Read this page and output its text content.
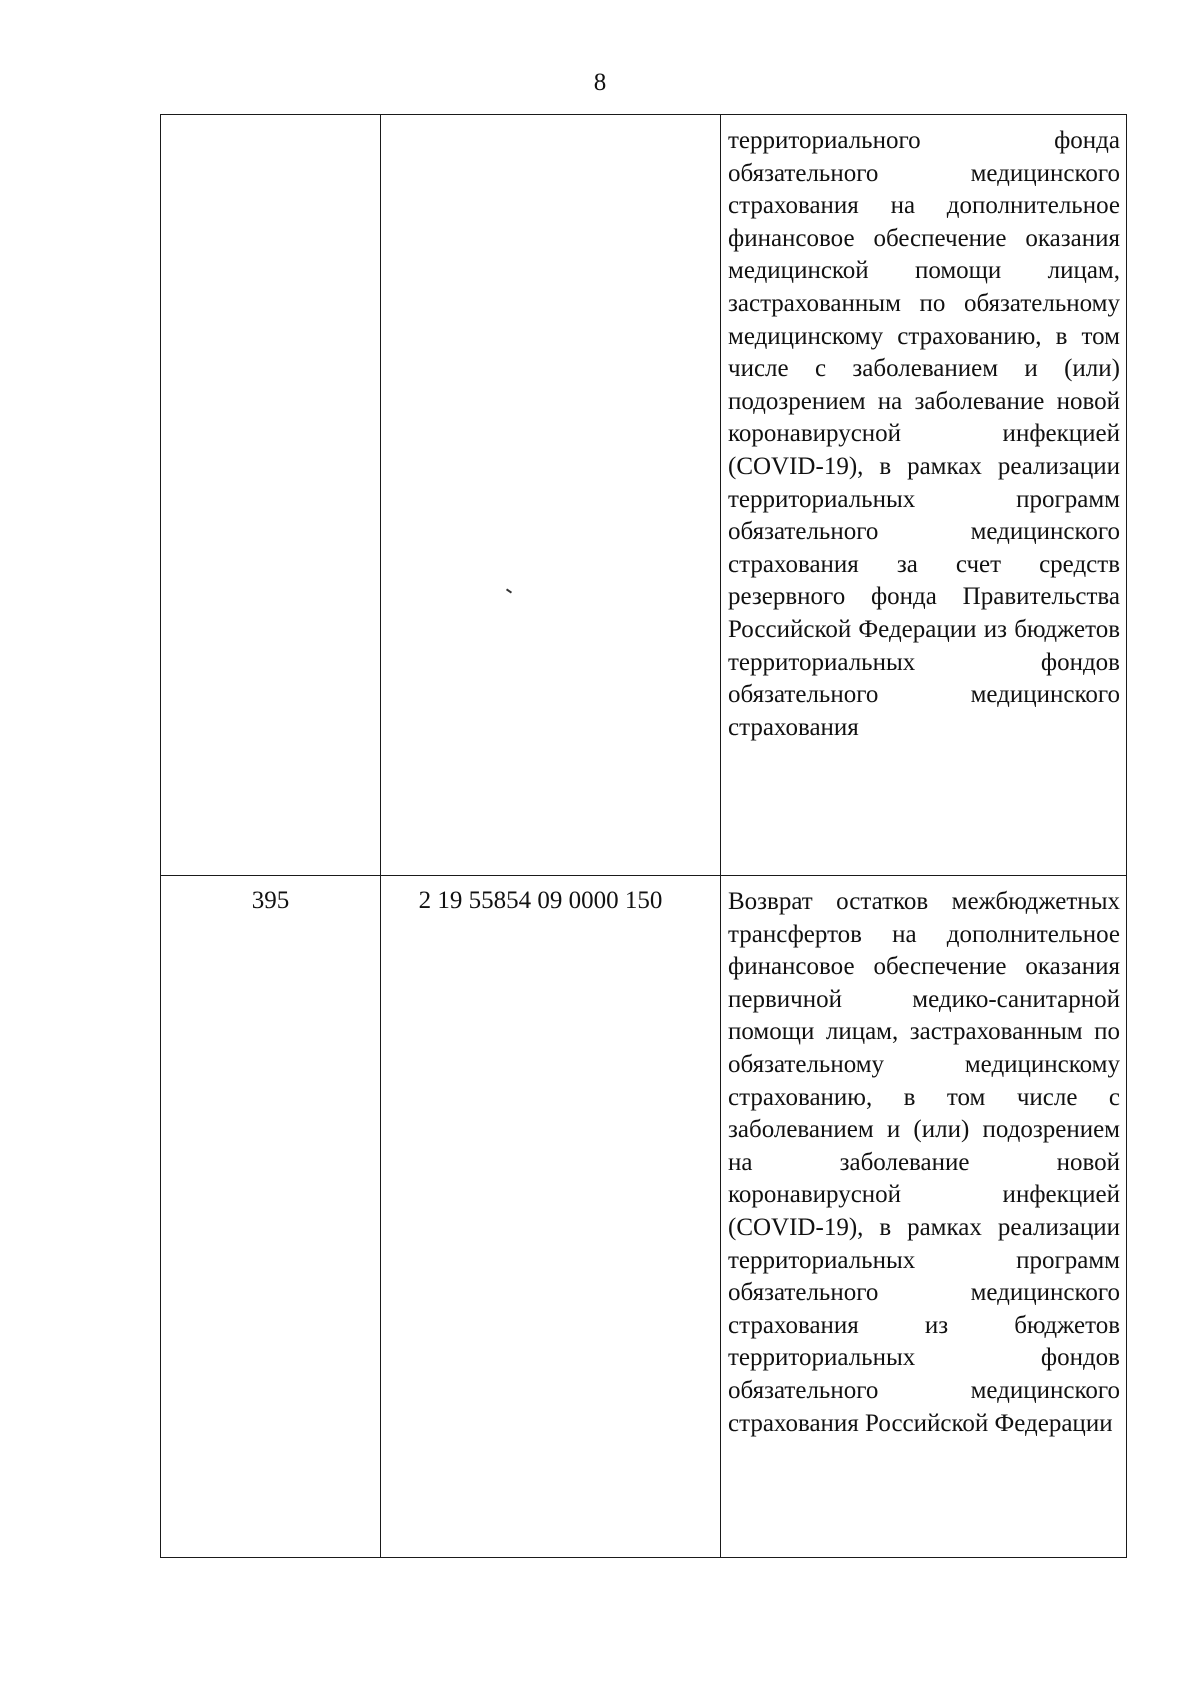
8
		территориального фонда обязательного медицинского страхования на дополнительное финансовое обеспечение оказания медицинской помощи лицам, застрахованным по обязательному медицинскому страхованию, в том числе с заболеванием и (или) подозрением на заболевание новой коронавирусной инфекцией (COVID-19), в рамках реализации территориальных программ обязательного медицинского страхования за счет средств резервного фонда Правительства Российской Федерации из бюджетов территориальных фондов обязательного медицинского страхования
395	2 19 55854 09 0000 150	Возврат остатков межбюджетных трансфертов на дополнительное финансовое обеспечение оказания первичной медико-санитарной помощи лицам, застрахованным по обязательному медицинскому страхованию, в том числе с заболеванием и (или) подозрением на заболевание новой коронавирусной инфекцией (COVID-19), в рамках реализации территориальных программ обязательного медицинского страхования из бюджетов территориальных фондов обязательного медицинского страхования Российской Федерации
